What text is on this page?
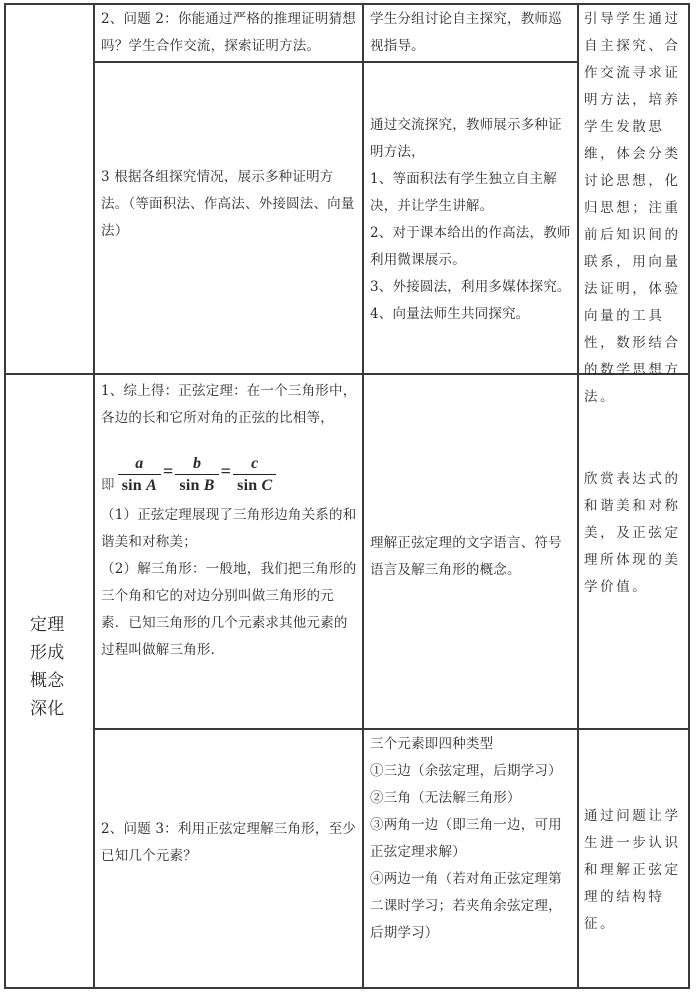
2、问题 2：你能通过严格的推理证明猜想吗？学生合作交流，探索证明方法。

学生分组讨论自主探究，教师巡视指导。

3 根据各组探究情况，展示多种证明方法。（等面积法、作高法、外接圆法、向量法）

通过交流探究，教师展示多种证明方法，

1、等面积法有学生独立自主解决，并让学生讲解。

2、对于课本给出的作高法，教师利用微课展示。

3、外接圆法，利用多媒体探究。

4、向量法师生共同探究。

引导学生通过自主探究、合作交流寻求证明方法，培养学生发散思维，体会分类讨论思想，化归思想；注重前后知识间的联系，用向量法证明，体验向量的工具性，数形结合的数学思想方法。

定理

形成

概念

深化

1、综上得：正弦定理：在一个三角形中，各边的长和它所对角的正弦的比相等，

即 $\frac{a}{\text{sin A}} = \frac{b}{\text{sin B}} = \frac{c}{\text{sin C}}$

（1）正弦定理展现了三角形边角关系的和谐美和对称美；

（2）解三角形：一般地，我们把三角形的三个角和它的对边分别叫做三角形的元素．已知三角形的几个元素求其他元素的过程叫做解三角形．

理解正弦定理的文字语言、符号语言及解三角形的概念。

欣赏表达式的和谐美和对称美，及正弦定理所体现的美学价值。

2、问题 3：利用正弦定理解三角形，至少已知几个元素？

三个元素即四种类型

①三边（余弦定理，后期学习）

②三角（无法解三角形）

③两角一边（即三角一边，可用正弦定理求解）

④两边一角（若对角正弦定理第二课时学习；若夹角余弦定理，后期学习）

通过问题让学生进一步认识和理解正弦定理的结构特征。
